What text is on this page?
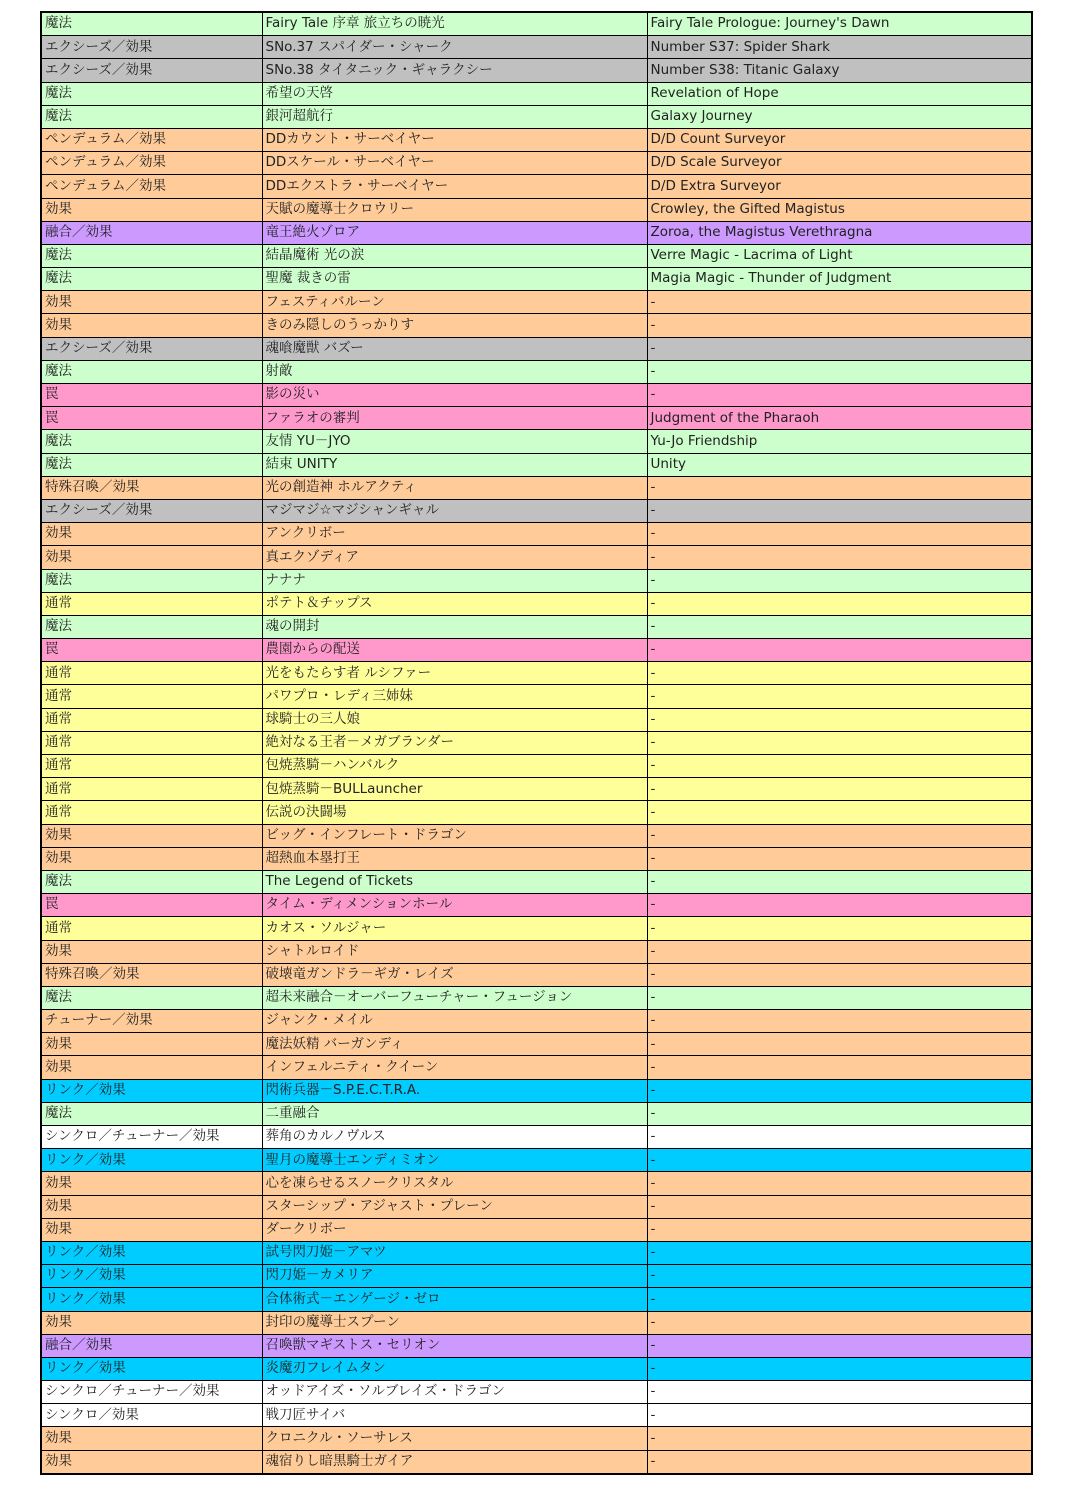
魔法	Fairy Tale 序章 旅立ちの暁光	Fairy Tale Prologue: Journey's Dawn
エクシーズ／効果	SNo.37 スパイダー・シャーク	Number S37: Spider Shark
エクシーズ／効果	SNo.38 タイタニック・ギャラクシー	Number S38: Titanic Galaxy
魔法	希望の天啓	Revelation of Hope
魔法	銀河超航行	Galaxy Journey
ペンデュラム／効果	DDカウント・サーベイヤー	D/D Count Surveyor
ペンデュラム／効果	DDスケール・サーベイヤー	D/D Scale Surveyor
ペンデュラム／効果	DDエクストラ・サーベイヤー	D/D Extra Surveyor
効果	天賦の魔導士クロウリー	Crowley, the Gifted Magistus
融合／効果	竜王絶火ゾロア	Zoroa, the Magistus Verethragna
魔法	結晶魔術 光の涙	Verre Magic - Lacrima of Light
魔法	聖魔 裁きの雷	Magia Magic - Thunder of Judgment
効果	フェスティバルーン	-
効果	きのみ隠しのうっかりす	-
エクシーズ／効果	魂喰魔獣 バズー	-
魔法	射敵	-
罠	影の災い	-
罠	ファラオの審判	Judgment of the Pharaoh
魔法	友情 YU－JYO	Yu-Jo Friendship
魔法	結束 UNITY	Unity
特殊召喚／効果	光の創造神 ホルアクティ	-
エクシーズ／効果	マジマジ☆マジシャンギャル	-
効果	アンクリボー	-
効果	真エクゾディア	-
魔法	ナナナ	-
通常	ポテト＆チップス	-
魔法	魂の開封	-
罠	農園からの配送	-
通常	光をもたらす者 ルシファー	-
通常	パワプロ・レディ三姉妹	-
通常	球騎士の三人娘	-
通常	絶対なる王者－メガブランダー	-
通常	包焼蒸騎－ハンバルク	-
通常	包焼蒸騎－BULLauncher	-
通常	伝説の決闘場	-
効果	ビッグ・インフレート・ドラゴン	-
効果	超熱血本塁打王	-
魔法	The Legend of Tickets	-
罠	タイム・ディメンションホール	-
通常	カオス・ソルジャー	-
効果	シャトルロイド	-
特殊召喚／効果	破壊竜ガンドラ－ギガ・レイズ	-
魔法	超未来融合－オーバーフューチャー・フュージョン	-
チューナー／効果	ジャンク・メイル	-
効果	魔法妖精 バーガンディ	-
効果	インフェルニティ・クイーン	-
リンク／効果	閃術兵器－S.P.E.C.T.R.A.	-
魔法	二重融合	-
シンクロ／チューナー／効果	葬角のカルノヴルス	-
リンク／効果	聖月の魔導士エンディミオン	-
効果	心を凍らせるスノークリスタル	-
効果	スターシップ・アジャスト・プレーン	-
効果	ダークリボー	-
リンク／効果	試号閃刀姫－アマツ	-
リンク／効果	閃刀姫－カメリア	-
リンク／効果	合体術式－エンゲージ・ゼロ	-
効果	封印の魔導士スプーン	-
融合／効果	召喚獣マギストス・セリオン	-
リンク／効果	炎魔刃フレイムタン	-
シンクロ／チューナー／効果	オッドアイズ・ソルブレイズ・ドラゴン	-
シンクロ／効果	戦刀匠サイバ	-
効果	クロニクル・ソーサレス	-
効果	魂宿りし暗黒騎士ガイア	-
